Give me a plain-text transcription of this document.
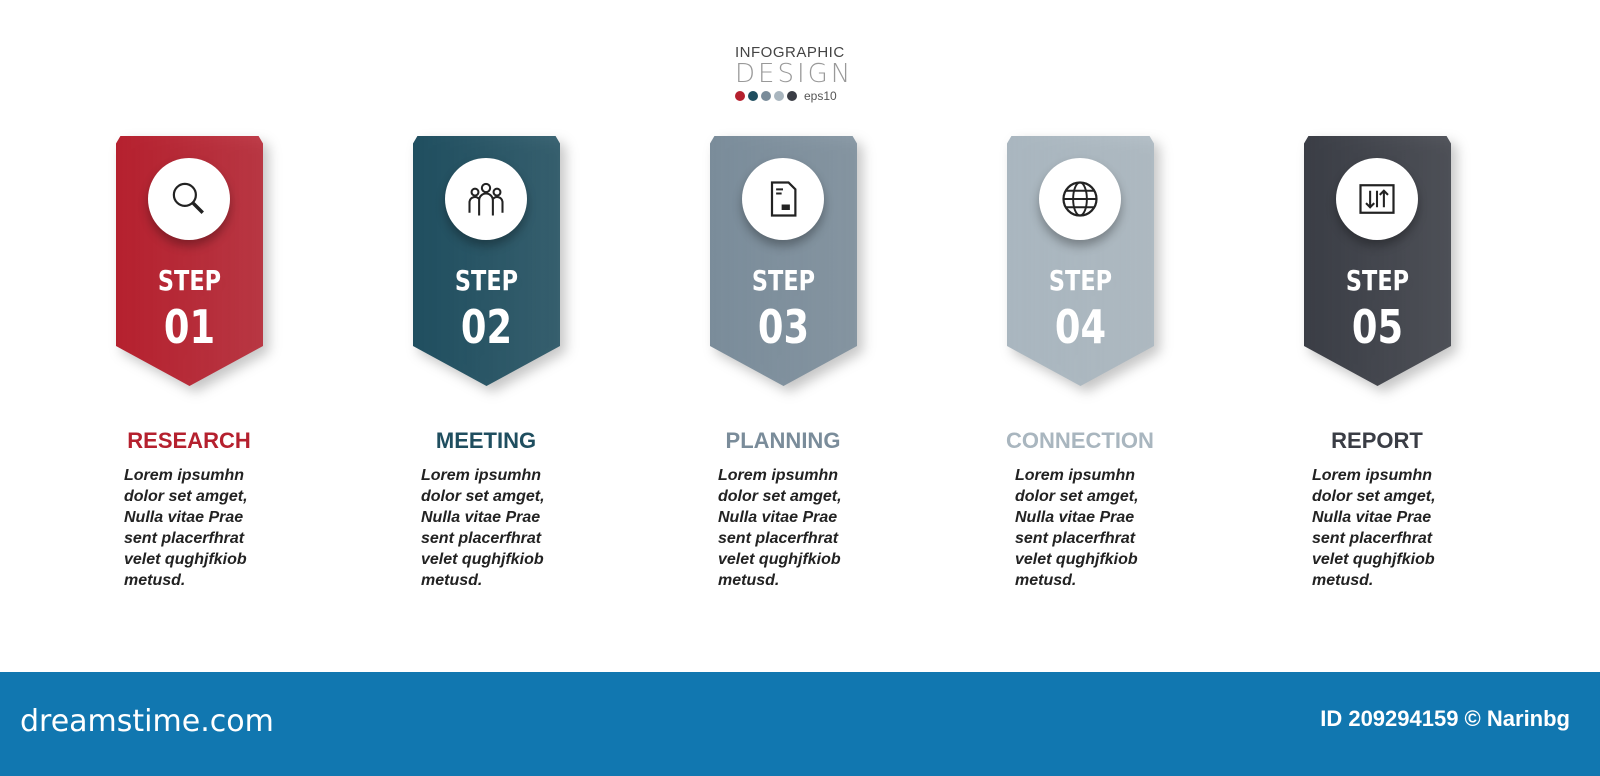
INFOGRAPHIC
DESIGN
eps10
STEP
01
RESEARCH
Lorem ipsumhn dolor set amget, Nulla vitae Prae sent placerfhrat velet qughjfkiob metusd.
STEP
02
MEETING
Lorem ipsumhn dolor set amget, Nulla vitae Prae sent placerfhrat velet qughjfkiob metusd.
STEP
03
PLANNING
Lorem ipsumhn dolor set amget, Nulla vitae Prae sent placerfhrat velet qughjfkiob metusd.
STEP
04
CONNECTION
Lorem ipsumhn dolor set amget, Nulla vitae Prae sent placerfhrat velet qughjfkiob metusd.
STEP
05
REPORT
Lorem ipsumhn dolor set amget, Nulla vitae Prae sent placerfhrat velet qughjfkiob metusd.
dreamstime.com	ID 209294159 © Narinbg
